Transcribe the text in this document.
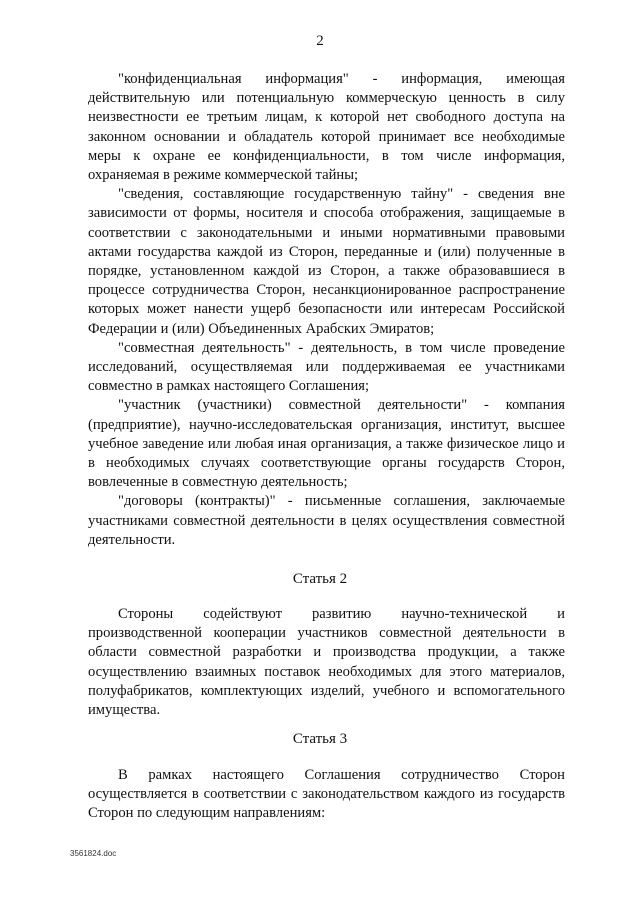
2

"конфиденциальная информация" - информация, имеющая действительную или потенциальную коммерческую ценность в силу неизвестности ее третьим лицам, к которой нет свободного доступа на законном основании и обладатель которой принимает все необходимые меры к охране ее конфиденциальности, в том числе информация, охраняемая в режиме коммерческой тайны;

"сведения, составляющие государственную тайну" - сведения вне зависимости от формы, носителя и способа отображения, защищаемые в соответствии с законодательными и иными нормативными правовыми актами государства каждой из Сторон, переданные и (или) полученные в порядке, установленном каждой из Сторон, а также образовавшиеся в процессе сотрудничества Сторон, несанкционированное распространение которых может нанести ущерб безопасности или интересам Российской Федерации и (или) Объединенных Арабских Эмиратов;

"совместная деятельность" - деятельность, в том числе проведение исследований, осуществляемая или поддерживаемая ее участниками совместно в рамках настоящего Соглашения;

"участник (участники) совместной деятельности" - компания (предприятие), научно-исследовательская организация, институт, высшее учебное заведение или любая иная организация, а также физическое лицо и в необходимых случаях соответствующие органы государств Сторон, вовлеченные в совместную деятельность;

"договоры (контракты)" - письменные соглашения, заключаемые участниками совместной деятельности в целях осуществления совместной деятельности.

Статья 2

Стороны содействуют развитию научно-технической и производственной кооперации участников совместной деятельности в области совместной разработки и производства продукции, а также осуществлению взаимных поставок необходимых для этого материалов, полуфабрикатов, комплектующих изделий, учебного и вспомогательного имущества.

Статья 3

В рамках настоящего Соглашения сотрудничество Сторон осуществляется в соответствии с законодательством каждого из государств Сторон по следующим направлениям:

3561824.doc
